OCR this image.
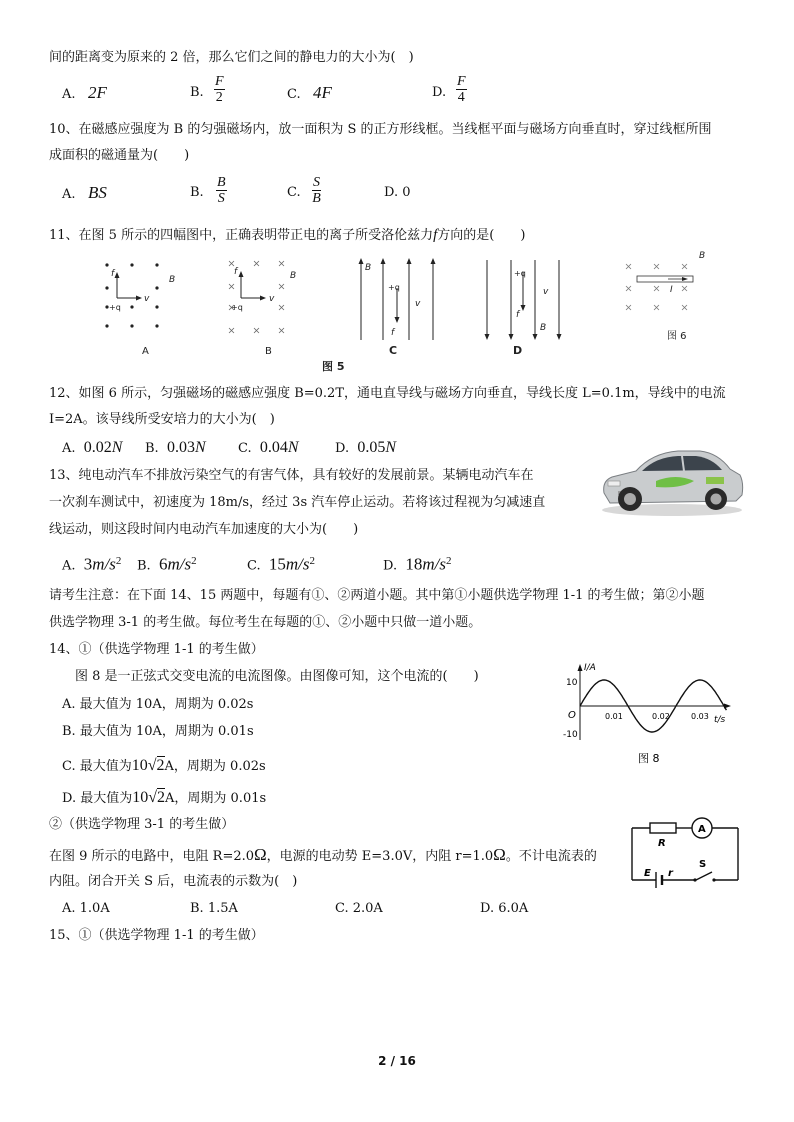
间的距离变为原来的 2 倍，那么它们之间的静电力的大小为(　)
A. 2F	B. $\frac{F}{2}$	C. 4F	D. $\frac{F}{4}$
10、在磁感应强度为 B 的匀强磁场内，放一面积为 S 的正方形线框。当线框平面与磁场方向垂直时，穿过线框所围
成面积的磁通量为(　　)
A. BS	B. $\frac{B}{S}$	C. $\frac{S}{B}$	D. 0
11、在图 5 所示的四幅图中，正确表明带正电的离子所受洛伦兹力f方向的是(　　)
f
+q
v
B
A
f
+q
v
B
B
B
+q
v
f
C
+q
v
f
B
D
图 5
B
I
图 6
12、如图 6 所示，匀强磁场的磁感应强度 B=0.2T，通电直导线与磁场方向垂直，导线长度 L=0.1m，导线中的电流
I=2A。该导线所受安培力的大小为(　)
A. 0.02N B. 0.03N C. 0.04N	D. 0.05N
13、纯电动汽车不排放污染空气的有害气体，具有较好的发展前景。某辆电动汽车在
一次刹车测试中，初速度为 18m/s，经过 3s 汽车停止运动。若将该过程视为匀减速直
线运动，则这段时间内电动汽车加速度的大小为(　　)
A. $3m/s^2$ B. $6m/s^2$	C. $15m/s^2$	D. $18m/s^2$
请考生注意：在下面 14、15 两题中，每题有①、②两道小题。其中第①小题供选学物理 1-1 的考生做；第②小题
供选学物理 3-1 的考生做。每位考生在每题的①、②小题中只做一道小题。
14、①（供选学物理 1-1 的考生做）
图 8 是一正弦式交变电流的电流图像。由图像可知，这个电流的(　　)
A. 最大值为 10A，周期为 0.02s
B. 最大值为 10A，周期为 0.01s
C. 最大值为10√2A，周期为 0.02s
D. 最大值为10√2A，周期为 0.01s
I/A
10
O
-10
0.01	0.02	0.03 t/s
图 8
②（供选学物理 3-1 的考生做）
在图 9 所示的电路中，电阻 R=2.0Ω，电源的电动势 E=3.0V，内阻 r=1.0Ω。不计电流表的
内阻。闭合开关 S 后，电流表的示数为(　)
A. 1.0A	B. 1.5A	C. 2.0A	D. 6.0A
R
A
E r
S
15、①（供选学物理 1-1 的考生做）
2 / 16
